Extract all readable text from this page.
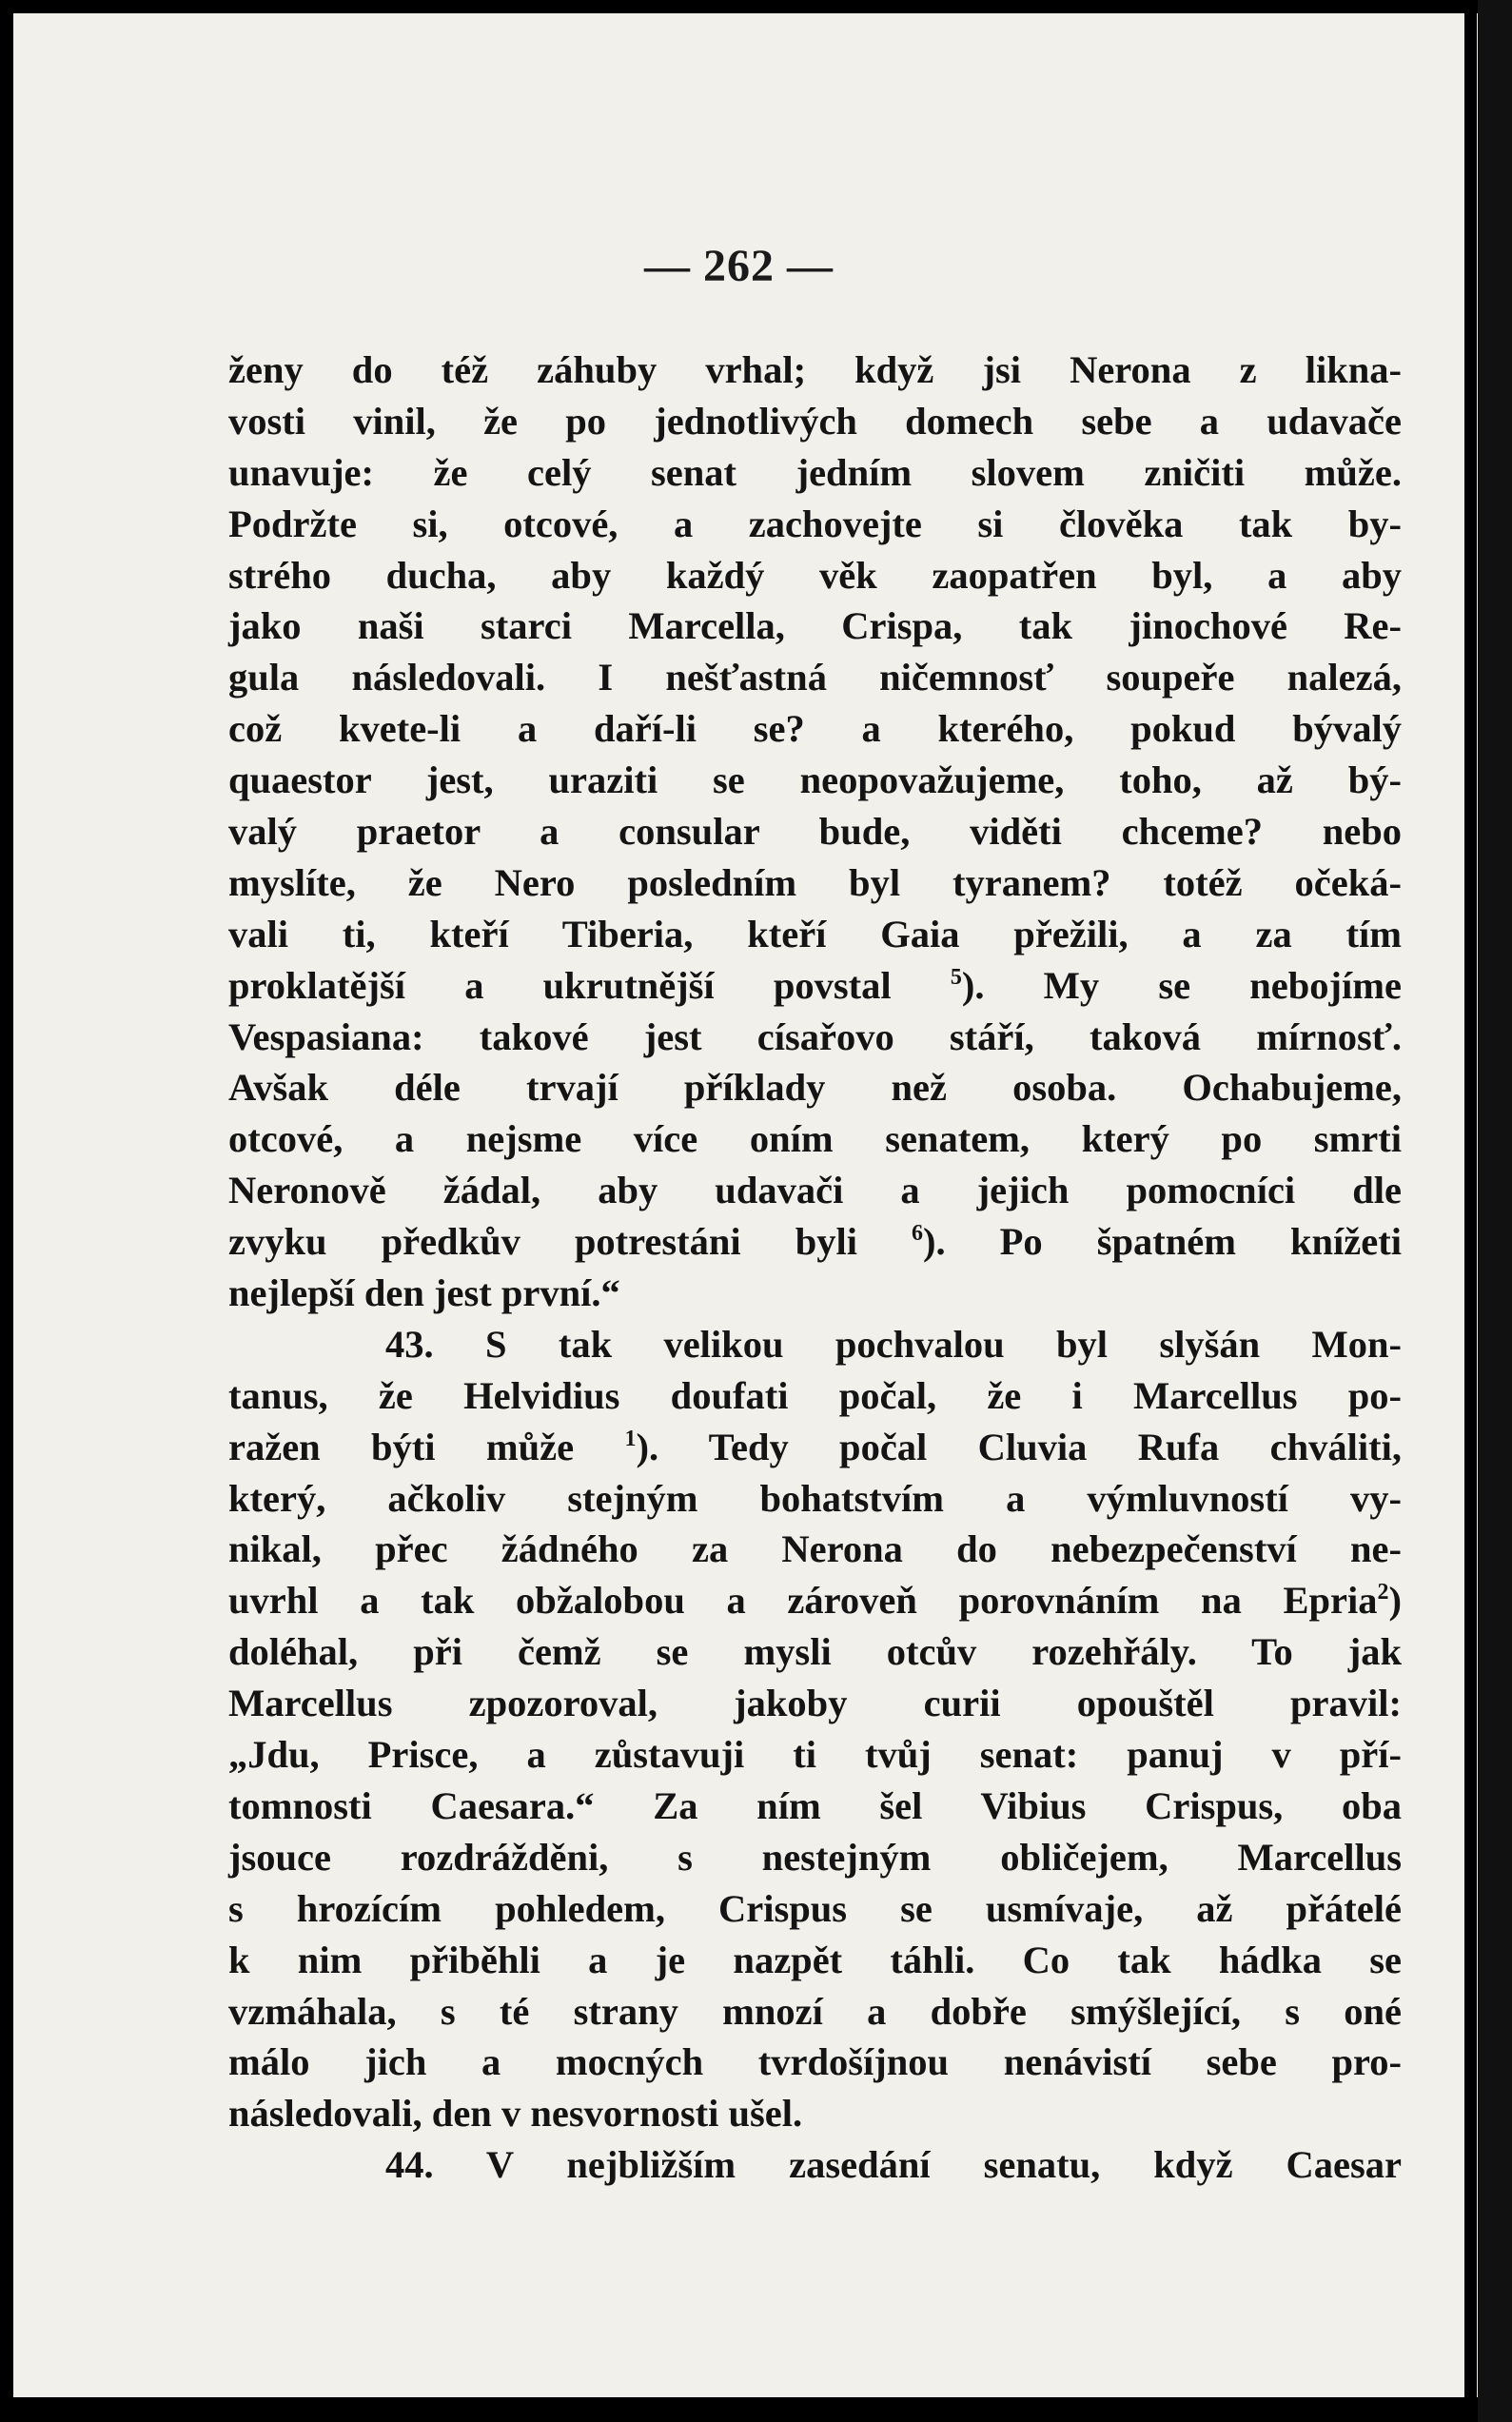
— 262 —
ženy do též záhuby vrhal; když jsi Nerona z likna-
vosti vinil, že po jednotlivých domech sebe a udavače
unavuje: že celý senat jedním slovem zničiti může.
Podržte si, otcové, a zachovejte si člověka tak by-
strého ducha, aby každý věk zaopatřen byl, a aby
jako naši starci Marcella, Crispa, tak jinochové Re-
gula následovali. I nešťastná ničemnosť soupeře nalezá,
což kvete-li a daří-li se? a kterého, pokud bývalý
quaestor jest, uraziti se neopovažujeme, toho, až bý-
valý praetor a consular bude, viděti chceme? nebo
myslíte, že Nero posledním byl tyranem? totéž očeká-
vali ti, kteří Tiberia, kteří Gaia přežili, a za tím
proklatější a ukrutnější povstal	$^5$). My se nebojíme
Vespasiana: takové jest císařovo stáří, taková mírnosť.
Avšak déle trvají příklady než osoba. Ochabujeme,
otcové, a nejsme více oním senatem, který po smrti
Neronově žádal, aby udavači a jejich pomocníci dle
zvyku předkův potrestáni byli $^6$). Po špatném knížeti
nejlepší den jest první.“
43. S tak velikou pochvalou byl slyšán Mon-
tanus, že Helvidius doufati počal, že i Marcellus po-
ražen býti může $^1$). Tedy počal Cluvia Rufa chváliti,
který, ačkoliv stejným bohatstvím a výmluvností vy-
nikal, přec žádného za Nerona do nebezpečenství ne-
uvrhl a tak obžalobou a zároveň porovnáním na Epria$^2$)
doléhal, při čemž se mysli otcův rozehřály. To jak
Marcellus zpozoroval, jakoby curii opouštěl pravil:
„Jdu, Prisce, a zůstavuji ti tvůj senat: panuj v pří-
tomnosti Caesara.“ Za ním šel Vibius Crispus, oba
jsouce rozdrážděni, s nestejným obličejem, Marcellus
s hrozícím pohledem, Crispus se usmívaje, až přátelé
k nim přiběhli a je nazpět táhli. Co tak hádka se
vzmáhala, s té strany mnozí a dobře smýšlející, s oné
málo jich a mocných tvrdošíjnou nenávistí sebe pro-
následovali, den v nesvornosti ušel.
44. V nejbližším zasedání senatu, když Caesar
